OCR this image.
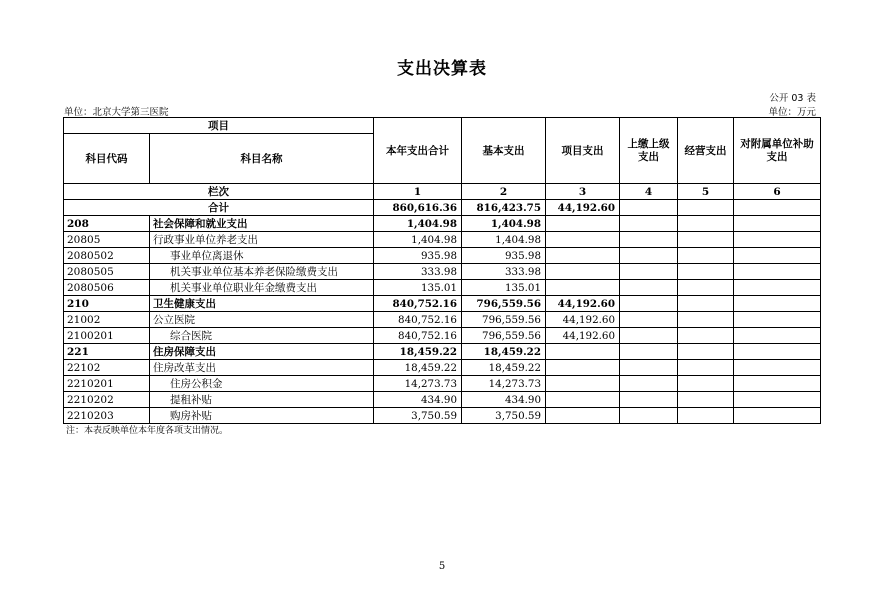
支出决算表
公开 03 表
单位：北京大学第三医院	单位：万元
项目		本年支出合计	基本支出	项目支出	上缴上级支出	经营支出	对附属单位补助支出
科目代码	科目名称						
栏次		1	2	3	4	5	6
合计		860,616.36	816,423.75	44,192.60			
208	社会保障和就业支出	1,404.98	1,404.98				
20805	行政事业单位养老支出	1,404.98	1,404.98				
2080502	事业单位离退休	935.98	935.98				
2080505	机关事业单位基本养老保险缴费支出	333.98	333.98				
2080506	机关事业单位职业年金缴费支出	135.01	135.01				
210	卫生健康支出	840,752.16	796,559.56	44,192.60			
21002	公立医院	840,752.16	796,559.56	44,192.60			
2100201	综合医院	840,752.16	796,559.56	44,192.60			
221	住房保障支出	18,459.22	18,459.22				
22102	住房改革支出	18,459.22	18,459.22				
2210201	住房公积金	14,273.73	14,273.73				
2210202	提租补贴	434.90	434.90				
2210203	购房补贴	3,750.59	3,750.59				
注：本表反映单位本年度各项支出情况。
5
